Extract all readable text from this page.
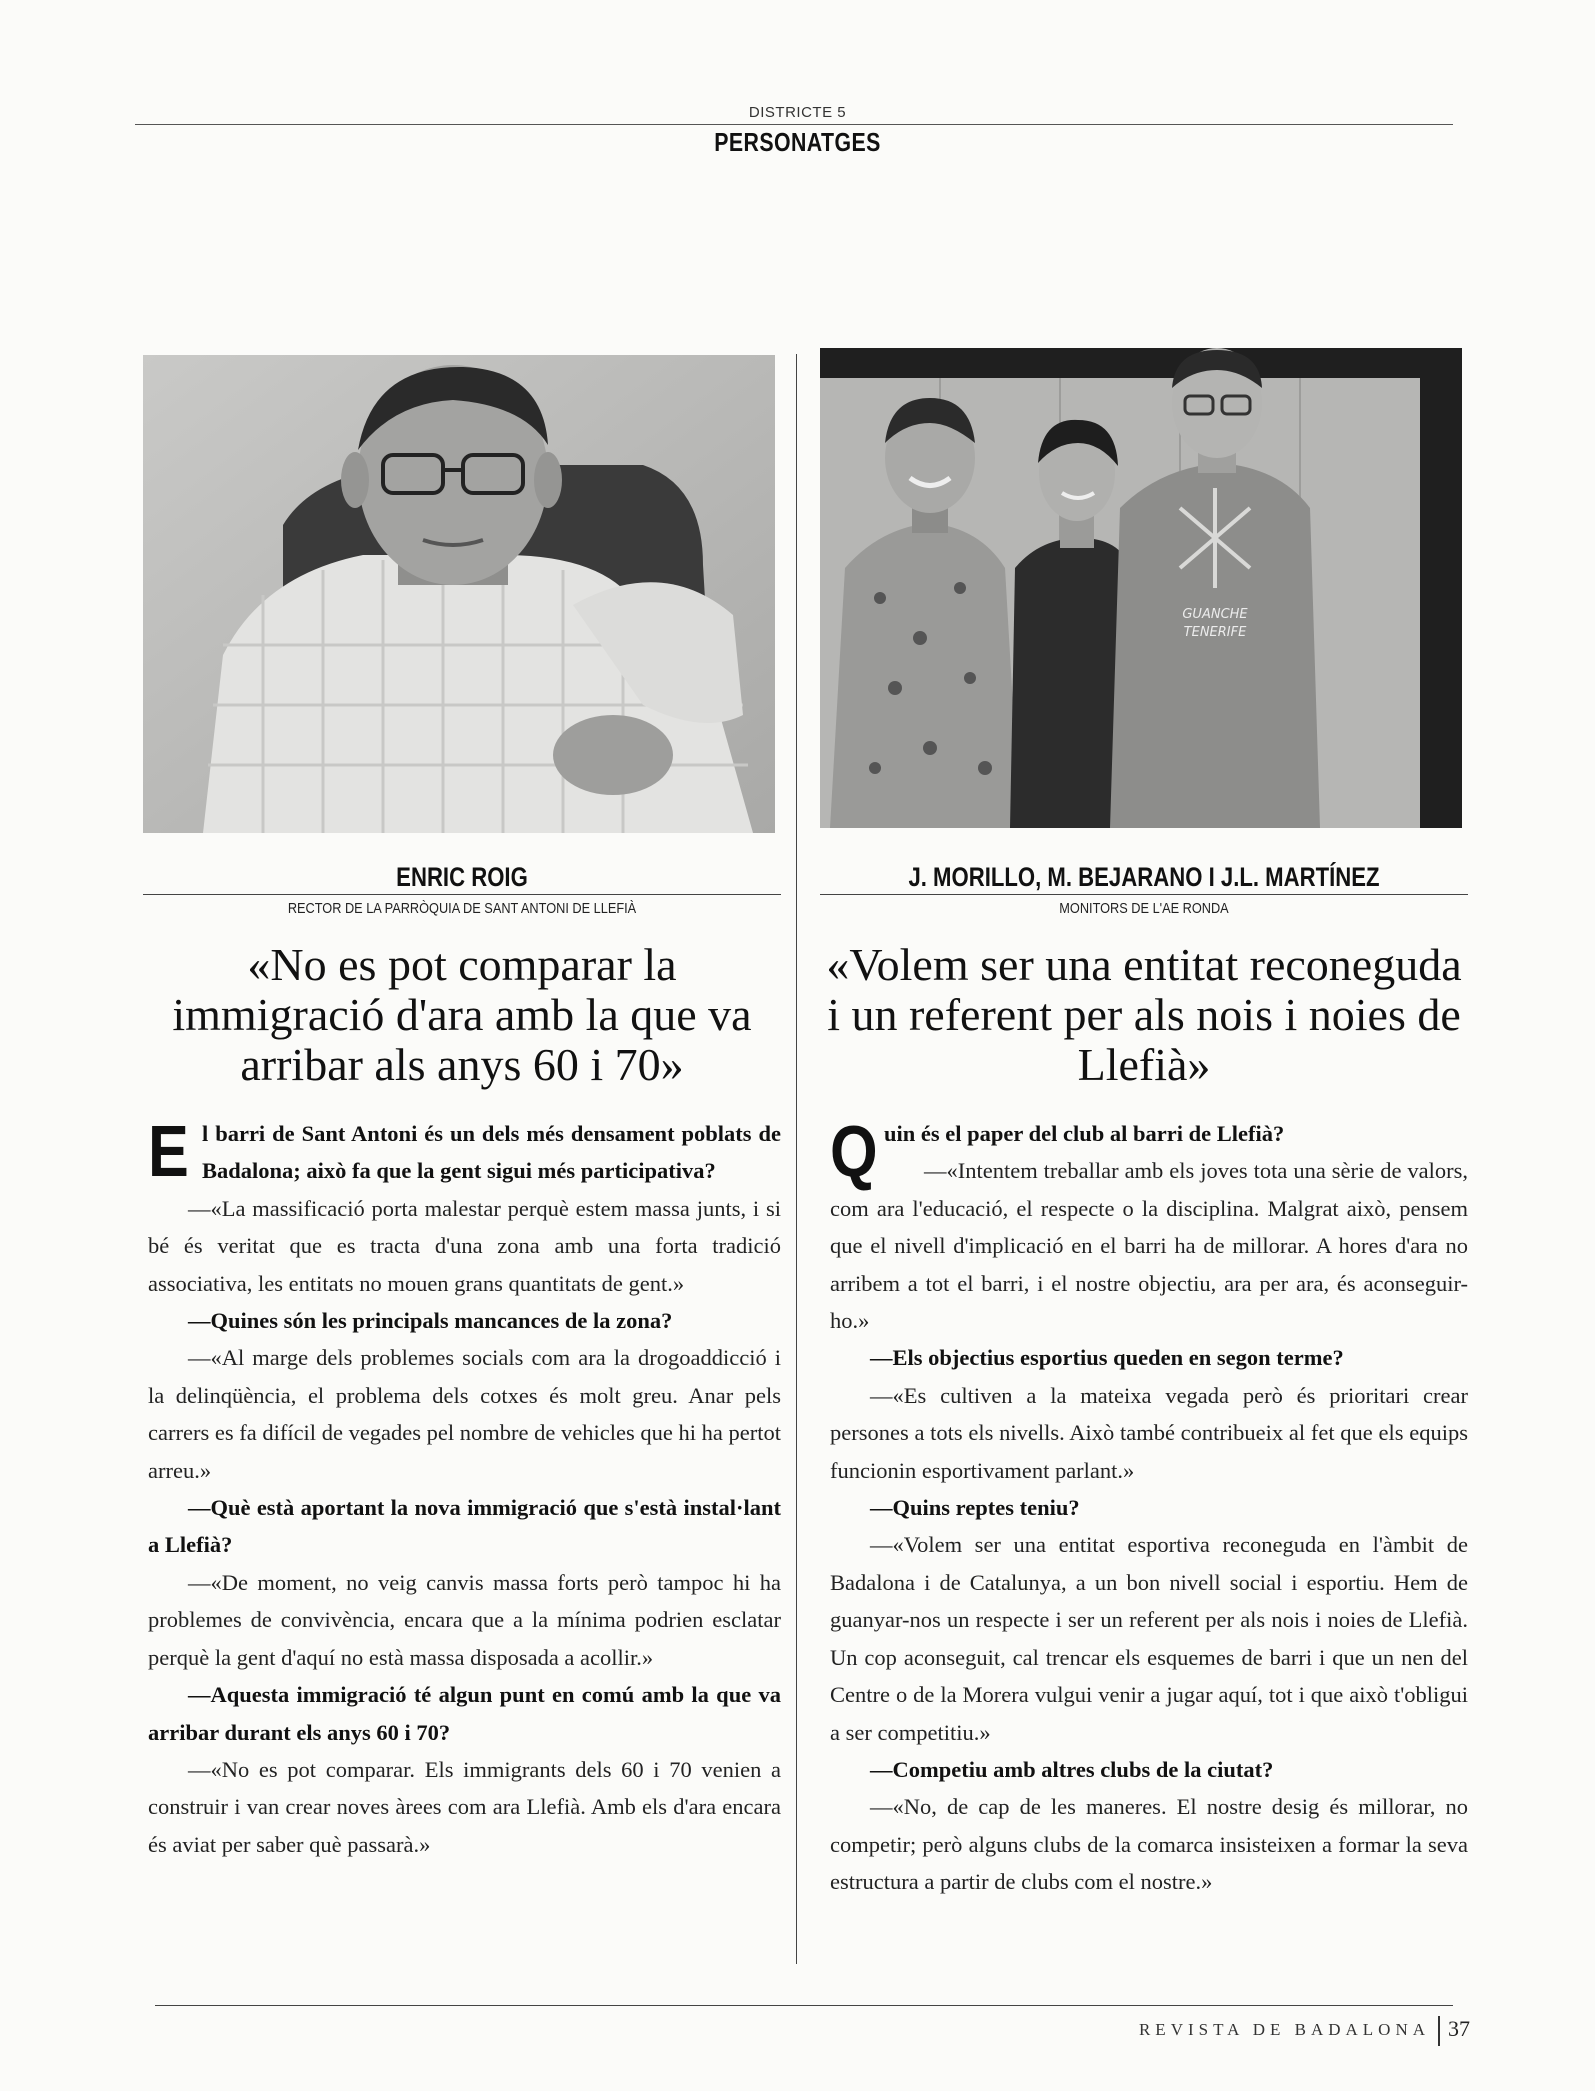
DISTRICTE 5
PERSONATGES
GUANCHE
TENERIFE
ENRIC ROIG
RECTOR DE LA PARRÒQUIA DE SANT ANTONI DE LLEFIÀ
«No es pot comparar la immigració d'ara amb la que va arribar als anys 60 i 70»
E l barri de Sant Antoni és un dels més densament poblats de Badalona; això fa que la gent sigui més participativa?

—«La massificació porta malestar perquè estem massa junts, i si bé és veritat que es tracta d'una zona amb una forta tradició associativa, les entitats no mouen grans quantitats de gent.»

—Quines són les principals mancances de la zona?

—«Al marge dels problemes socials com ara la drogoaddicció i la delinqüència, el problema dels cotxes és molt greu. Anar pels carrers es fa difícil de vegades pel nombre de vehicles que hi ha pertot arreu.»

—Què està aportant la nova immigració que s'està instal·lant a Llefià?

—«De moment, no veig canvis massa forts però tampoc hi ha problemes de convivència, encara que a la mínima podrien esclatar perquè la gent d'aquí no està massa disposada a acollir.»

—Aquesta immigració té algun punt en comú amb la que va arribar durant els anys 60 i 70?

—«No es pot comparar. Els immigrants dels 60 i 70 venien a construir i van crear noves àrees com ara Llefià. Amb els d'ara encara és aviat per saber què passarà.»

J. MORILLO, M. BEJARANO I J.L. MARTÍNEZ
MONITORS DE L'AE RONDA
«Volem ser una entitat reconeguda i un referent per als nois i noies de Llefià»
Q uin és el paper del club al barri de Llefià?

—«Intentem treballar amb els joves tota una sèrie de valors, com ara l'educació, el respecte o la disciplina. Malgrat això, pensem que el nivell d'implicació en el barri ha de millorar. A hores d'ara no arribem a tot el barri, i el nostre objectiu, ara per ara, és aconseguir-ho.»

—Els objectius esportius queden en segon terme?

—«Es cultiven a la mateixa vegada però és prioritari crear persones a tots els nivells. Això també contribueix al fet que els equips funcionin esportivament parlant.»

—Quins reptes teniu?

—«Volem ser una entitat esportiva reconeguda en l'àmbit de Badalona i de Catalunya, a un bon nivell social i esportiu. Hem de guanyar-nos un respecte i ser un referent per als nois i noies de Llefià. Un cop aconseguit, cal trencar els esquemes de barri i que un nen del Centre o de la Morera vulgui venir a jugar aquí, tot i que això t'obligui a ser competitiu.»

—Competiu amb altres clubs de la ciutat?

—«No, de cap de les maneres. El nostre desig és millorar, no competir; però alguns clubs de la comarca insisteixen a formar la seva estructura a partir de clubs com el nostre.»

REVISTA DE BADALONA 37
